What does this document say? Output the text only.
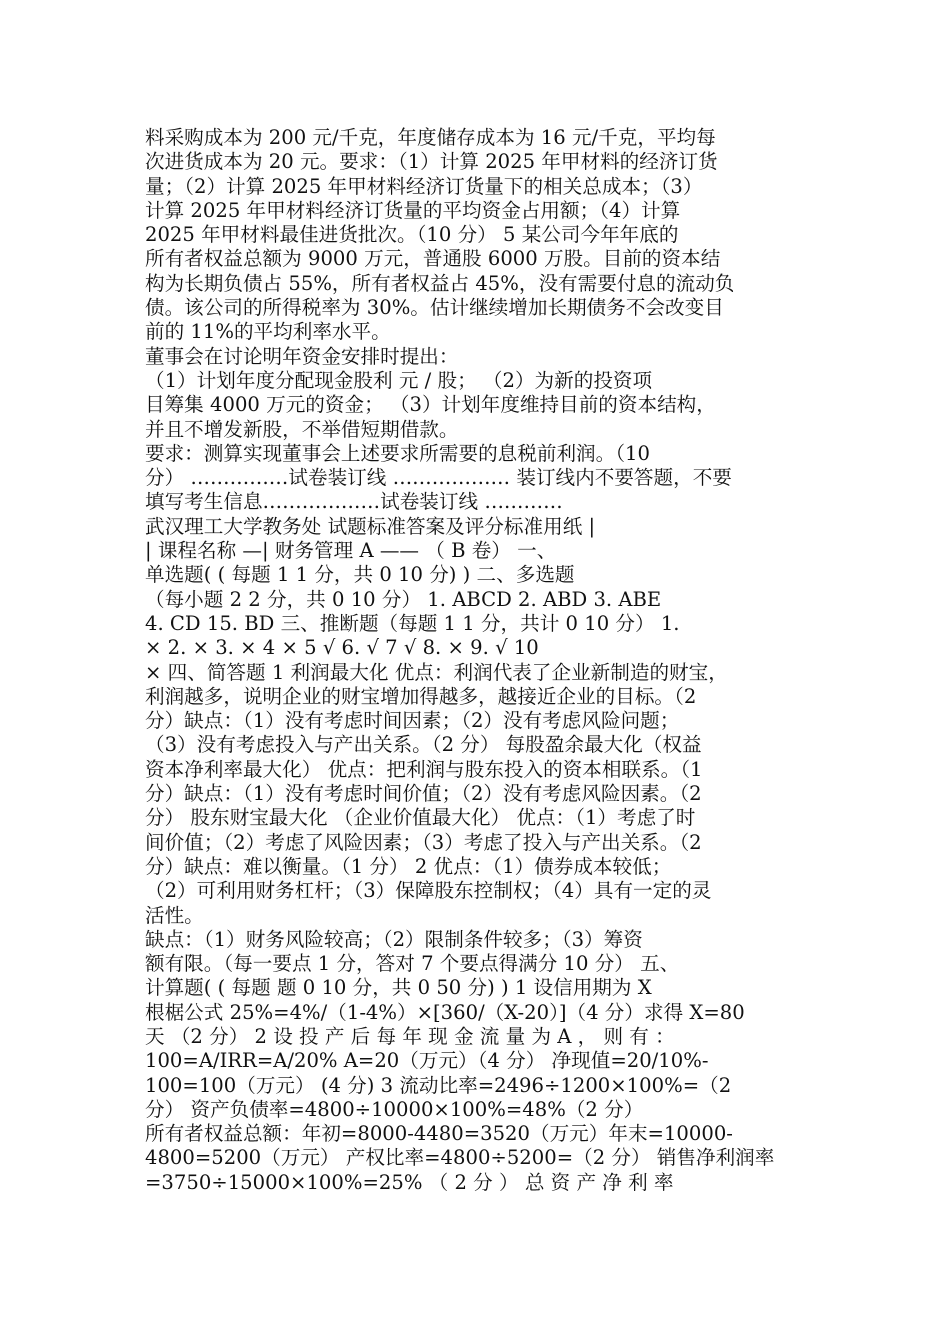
料采购成本为 200 元/千克，年度储存成本为 16 元/千克，平均每
次进货成本为 20 元。要求：（1）计算 2025 年甲材料的经济订货
量；（2）计算 2025 年甲材料经济订货量下的相关总成本；（3）
计算 2025 年甲材料经济订货量的平均资金占用额；（4）计算
2025 年甲材料最佳进货批次。（10 分） 5 某公司今年年底的
所有者权益总额为 9000 万元，普通股 6000 万股。目前的资本结
构为长期负债占 55%，所有者权益占 45%，没有需要付息的流动负
债。该公司的所得税率为 30%。估计继续增加长期债务不会改变目
前的 11%的平均利率水平。
董事会在讨论明年资金安排时提出：
（1）计划年度分配现金股利 元 / 股； （2）为新的投资项
目筹集 4000 万元的资金； （3）计划年度维持目前的资本结构，
并且不增发新股，不举借短期借款。
要求：测算实现董事会上述要求所需要的息税前利润。（10
分） ……………试卷装订线 ……………… 装订线内不要答题，不要
填写考生信息………………试卷装订线 …………
武汉理工大学教务处 试题标准答案及评分标准用纸 |
| 课程名称 —| 财务管理 A —— （ B 卷） 一、
单选题( ( 每题 1 1 分，共 0 10 分) ) 二、多选题
（每小题 2 2 分，共 0 10 分） 1. ABCD 2. ABD 3. ABE
4. CD 15. BD 三、推断题（每题 1 1 分，共计 0 10 分） 1.
× 2. × 3. × 4 × 5 √ 6. √ 7 √ 8. × 9. √ 10
× 四、简答题 1 利润最大化 优点：利润代表了企业新制造的财宝，
利润越多，说明企业的财宝增加得越多，越接近企业的目标。（2
分）缺点：（1）没有考虑时间因素；（2）没有考虑风险问题；
（3）没有考虑投入与产出关系。（2 分） 每股盈余最大化（权益
资本净利率最大化） 优点：把利润与股东投入的资本相联系。（1
分）缺点：（1）没有考虑时间价值；（2）没有考虑风险因素。（2
分） 股东财宝最大化 （企业价值最大化） 优点：（1）考虑了时
间价值；（2）考虑了风险因素；（3）考虑了投入与产出关系。（2
分）缺点：难以衡量。（1 分） 2 优点：（1）债券成本较低；
（2）可利用财务杠杆；（3）保障股东控制权；（4）具有一定的灵
活性。
缺点：（1）财务风险较高；（2）限制条件较多；（3）筹资
额有限。（每一要点 1 分，答对 7 个要点得满分 10 分） 五、
计算题( ( 每题 题 0 10 分，共 0 50 分) ) 1 设信用期为 X
根椐公式 25%=4%/（1-4%）×[360/（X-20）]（4 分）求得 X=80
天 （2 分） 2 设 投 产 后 每 年 现 金 流 量 为 A ， 则 有 ：
100=A/IRR=A/20% A=20（万元）（4 分） 净现值=20/10%-
100=100（万元） (4 分) 3 流动比率=2496÷1200×100%=（2
分） 资产负债率=4800÷10000×100%=48%（2 分）
所有者权益总额：年初=8000-4480=3520（万元）年末=10000-
4800=5200（万元） 产权比率=4800÷5200=（2 分） 销售净利润率
=3750÷15000×100%=25% （ 2 分 ） 总 资 产 净 利 率
